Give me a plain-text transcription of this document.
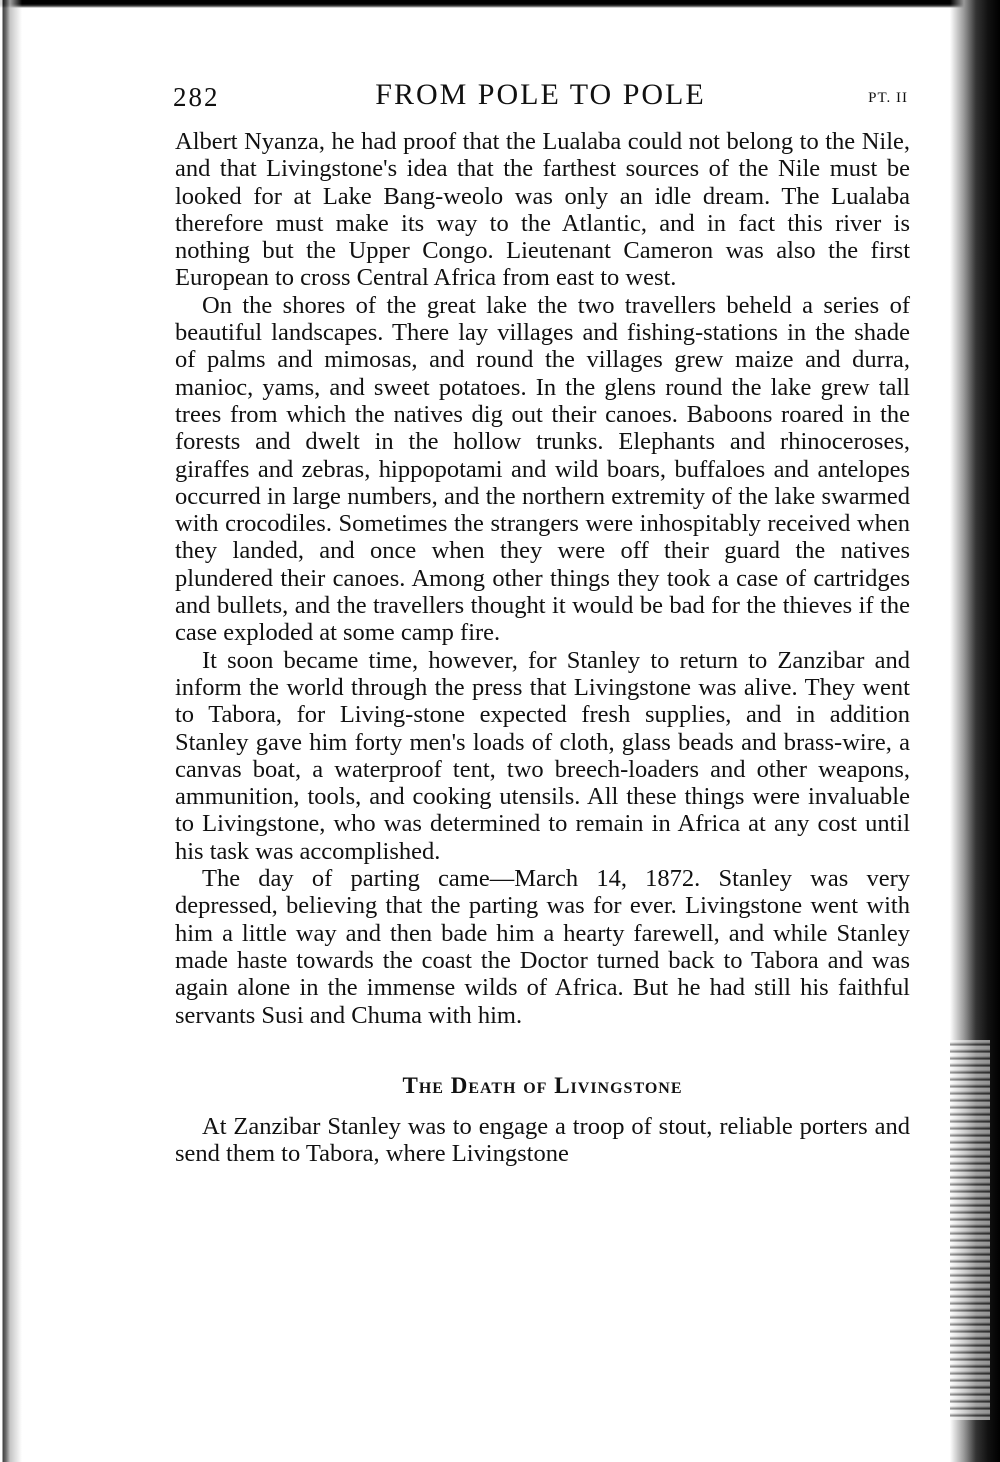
282	FROM POLE TO POLE	PT. II

Albert Nyanza, he had proof that the Lualaba could not belong to the Nile, and that Livingstone's idea that the farthest sources of the Nile must be looked for at Lake Bang-weolo was only an idle dream. The Lualaba therefore must make its way to the Atlantic, and in fact this river is nothing but the Upper Congo. Lieutenant Cameron was also the first European to cross Central Africa from east to west.

On the shores of the great lake the two travellers beheld a series of beautiful landscapes. There lay villages and fishing-stations in the shade of palms and mimosas, and round the villages grew maize and durra, manioc, yams, and sweet potatoes. In the glens round the lake grew tall trees from which the natives dig out their canoes. Baboons roared in the forests and dwelt in the hollow trunks. Elephants and rhinoceroses, giraffes and zebras, hippopotami and wild boars, buffaloes and antelopes occurred in large numbers, and the northern extremity of the lake swarmed with crocodiles. Sometimes the strangers were inhospitably received when they landed, and once when they were off their guard the natives plundered their canoes. Among other things they took a case of cartridges and bullets, and the travellers thought it would be bad for the thieves if the case exploded at some camp fire.

It soon became time, however, for Stanley to return to Zanzibar and inform the world through the press that Livingstone was alive. They went to Tabora, for Living-stone expected fresh supplies, and in addition Stanley gave him forty men's loads of cloth, glass beads and brass-wire, a canvas boat, a waterproof tent, two breech-loaders and other weapons, ammunition, tools, and cooking utensils. All these things were invaluable to Livingstone, who was determined to remain in Africa at any cost until his task was accomplished.

The day of parting came—March 14, 1872. Stanley was very depressed, believing that the parting was for ever. Livingstone went with him a little way and then bade him a hearty farewell, and while Stanley made haste towards the coast the Doctor turned back to Tabora and was again alone in the immense wilds of Africa. But he had still his faithful servants Susi and Chuma with him.

The Death of Livingstone

At Zanzibar Stanley was to engage a troop of stout, reliable porters and send them to Tabora, where Livingstone
